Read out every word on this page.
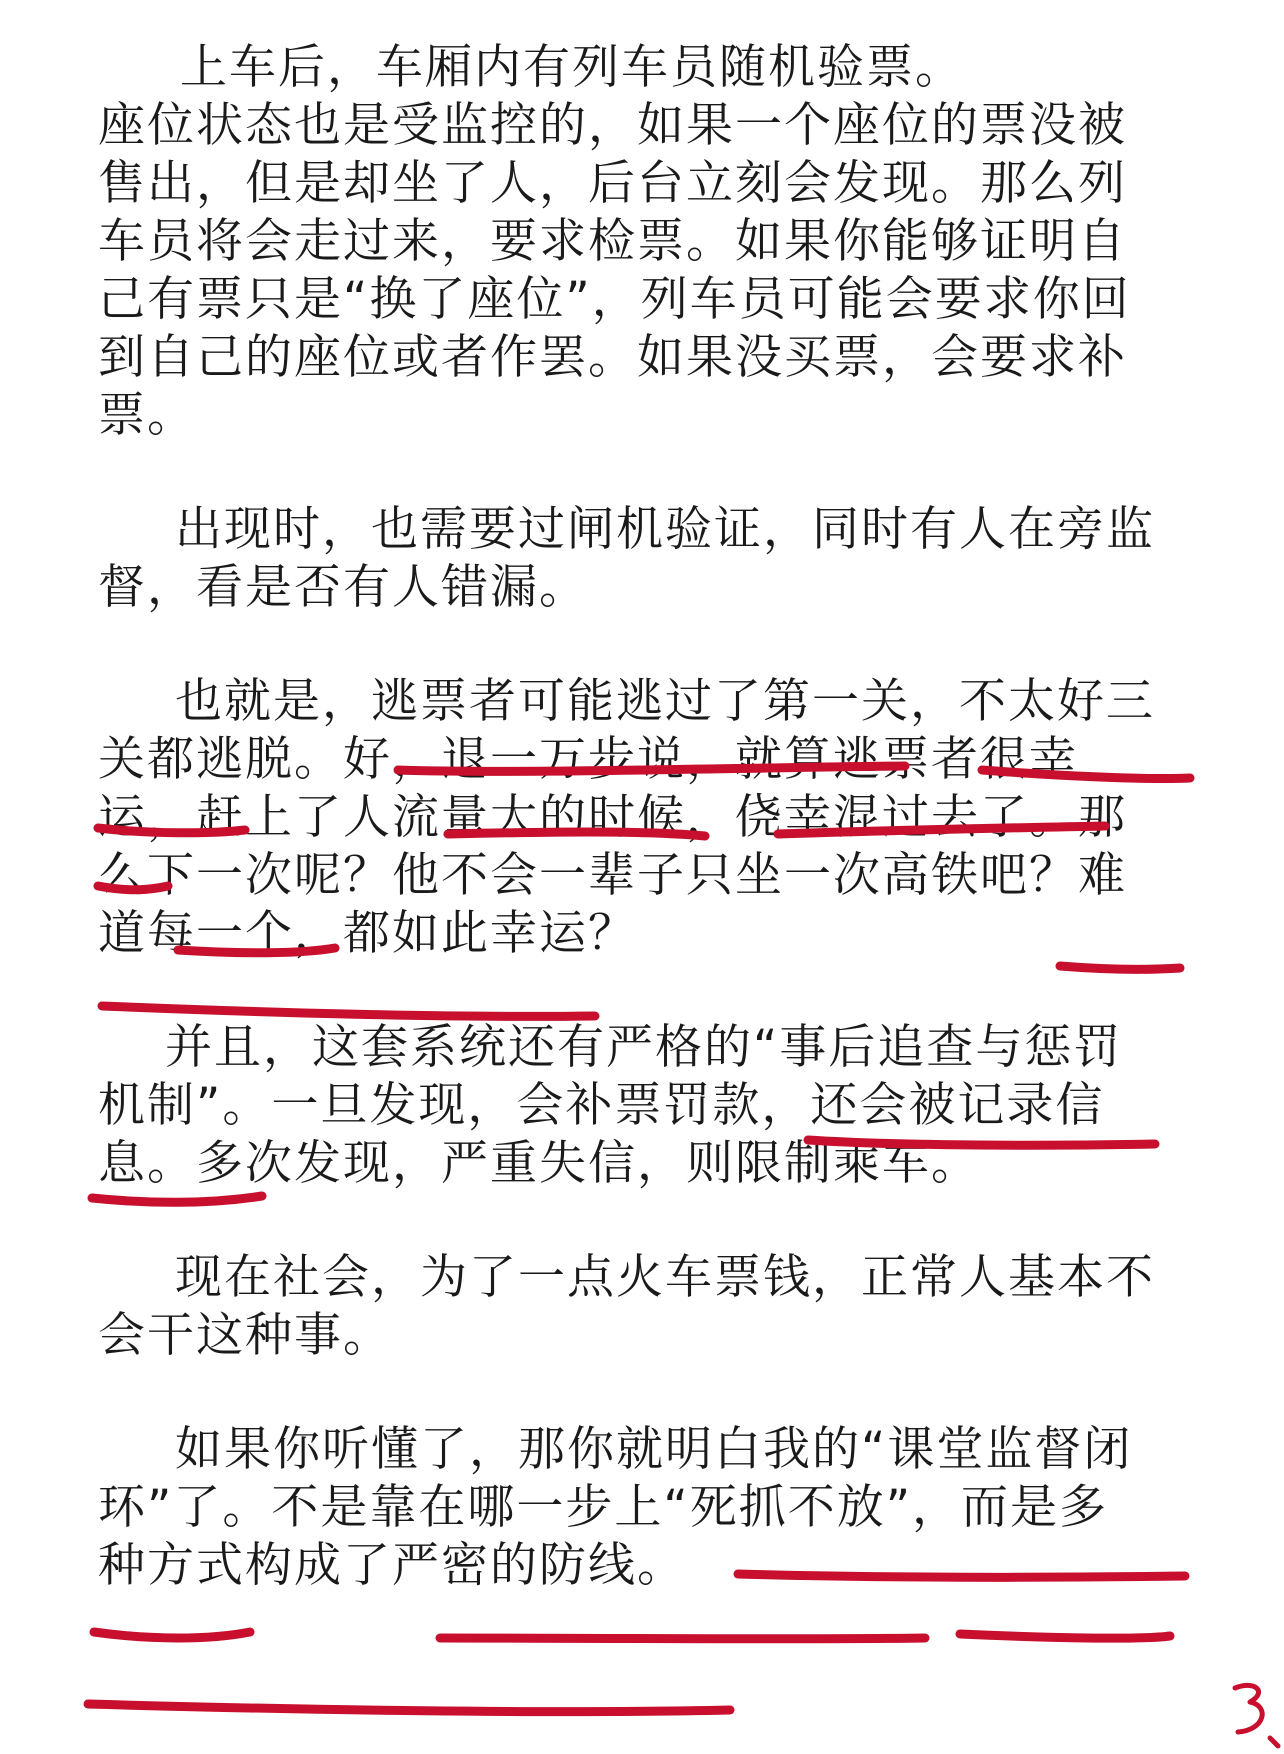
上车后，车厢内有列车员随机验票。
座位状态也是受监控的，如果一个座位的票没被
售出，但是却坐了人，后台立刻会发现。那么列
车员将会走过来，要求检票。如果你能够证明自
己有票只是“换了座位”，列车员可能会要求你回
到自己的座位或者作罢。如果没买票，会要求补
票。
出现时，也需要过闸机验证，同时有人在旁监
督，看是否有人错漏。
也就是，逃票者可能逃过了第一关，不太好三
关都逃脱。好，退一万步说，就算逃票者很幸
运，赶上了人流量大的时候，侥幸混过去了。那
么下一次呢？他不会一辈子只坐一次高铁吧？难
道每一个，都如此幸运？
并且，这套系统还有严格的“事后追查与惩罚
机制”。一旦发现，会补票罚款，还会被记录信
息。多次发现，严重失信，则限制乘车。
现在社会，为了一点火车票钱，正常人基本不
会干这种事。
如果你听懂了，那你就明白我的“课堂监督闭
环”了。不是靠在哪一步上“死抓不放”，而是多
种方式构成了严密的防线。
